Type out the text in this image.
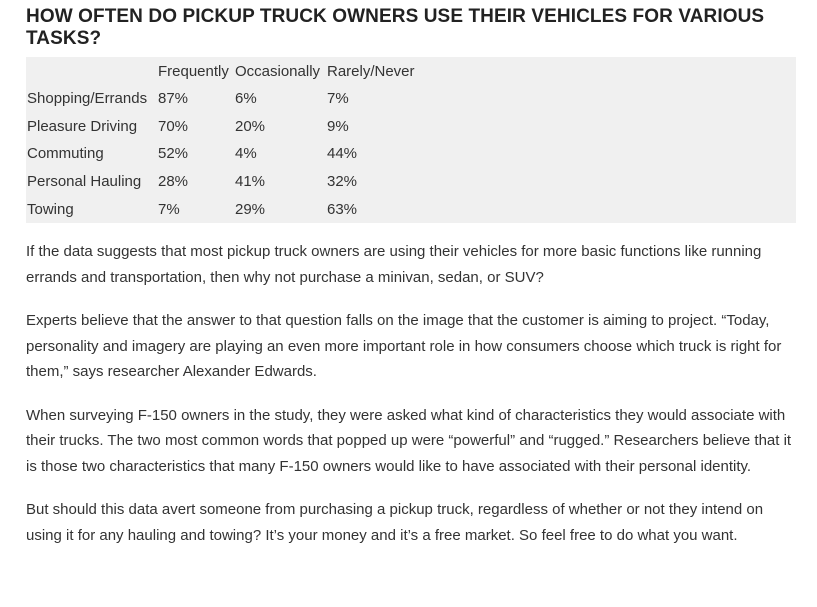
HOW OFTEN DO PICKUP TRUCK OWNERS USE THEIR VEHICLES FOR VARIOUS TASKS?
	Frequently	Occasionally	Rarely/Never
Shopping/Errands	87%	6%	7%
Pleasure Driving	70%	20%	9%
Commuting	52%	4%	44%
Personal Hauling	28%	41%	32%
Towing	7%	29%	63%

If the data suggests that most pickup truck owners are using their vehicles for more basic functions like running errands and transportation, then why not purchase a minivan, sedan, or SUV?

Experts believe that the answer to that question falls on the image that the customer is aiming to project. “Today, personality and imagery are playing an even more important role in how consumers choose which truck is right for them,” says researcher Alexander Edwards.

When surveying F-150 owners in the study, they were asked what kind of characteristics they would associate with their trucks. The two most common words that popped up were “powerful” and “rugged.” Researchers believe that it is those two characteristics that many F-150 owners would like to have associated with their personal identity.

But should this data avert someone from purchasing a pickup truck, regardless of whether or not they intend on using it for any hauling and towing? It’s your money and it’s a free market. So feel free to do what you want.
